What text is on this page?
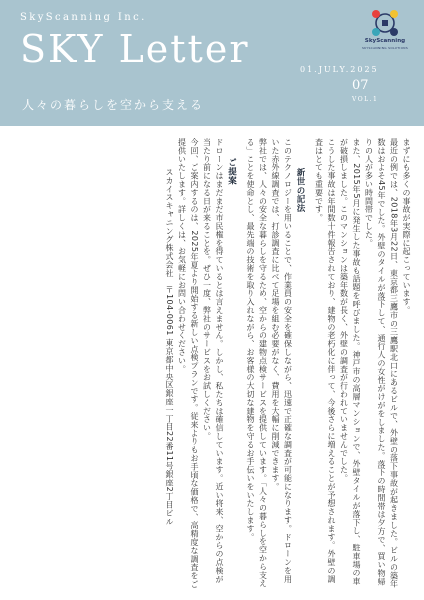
SkyScanning Inc.
SKY Letter
人々の暮らしを空から支える
SkyScanning
SKYSCANNING SOLUTIONS
01.JULY.2025
07
VOL.1

まずにも多くの事故が実際に起こっています。

最近の例では、2018年3月22日、東京都三鷹市の三鷹駅北口にあるビルで、外壁の落下事故が起きました。ビルの築年数はおよそ45年でした。外壁のタイルが落下して、通行人の女性がけがをしました。落下の時間帯は夕方で、買い物帰りの人が多い時間帯でした。

また、2015年5月に発生した事故も話題を呼びました。神戸市の高層マンションで、外壁タイルが落下し、駐車場の車が破損しました。このマンションは築年数が長く、外壁の調査が行われていませんでした。

こうした事故は年間数十件報告されており、建物の老朽化に伴って、今後さらに増えることが予想されます。外壁の調査はとても重要です。

新世の記法

このテクノロジーを用いることで、作業員の安全を確保しながら、迅速で正確な調査が可能になります。ドローンを用いた赤外線調査では、打診調査に比べて足場を組む必要がなく、費用を大幅に削減できます。

弊社では、人々の安全な暮らしを守るため、空からの建物点検サービスを提供しています。「人々の暮らしを空から支える」ことを使命とし、最先端の技術を取り入れながら、お客様の大切な建物を守るお手伝いをいたします。

ご提案

ドローンはまだまだ市民権を得ているとは言えません。しかし、私たちは確信しています。近い将来、空からの点検が当たり前になる日が来ることを。ぜひ一度、弊社のサービスをお試しください。

今回、ご案内するのは、2025年夏より開始する新しい点検プランです。従来よりもお手頃な価格で、高精度な調査をご提供いたします。詳しくは、お気軽にお問い合わせください。

スカイスキャニング株式会社　〒104-0061 東京都中央区銀座一丁目22番11号銀座2丁目ビル
